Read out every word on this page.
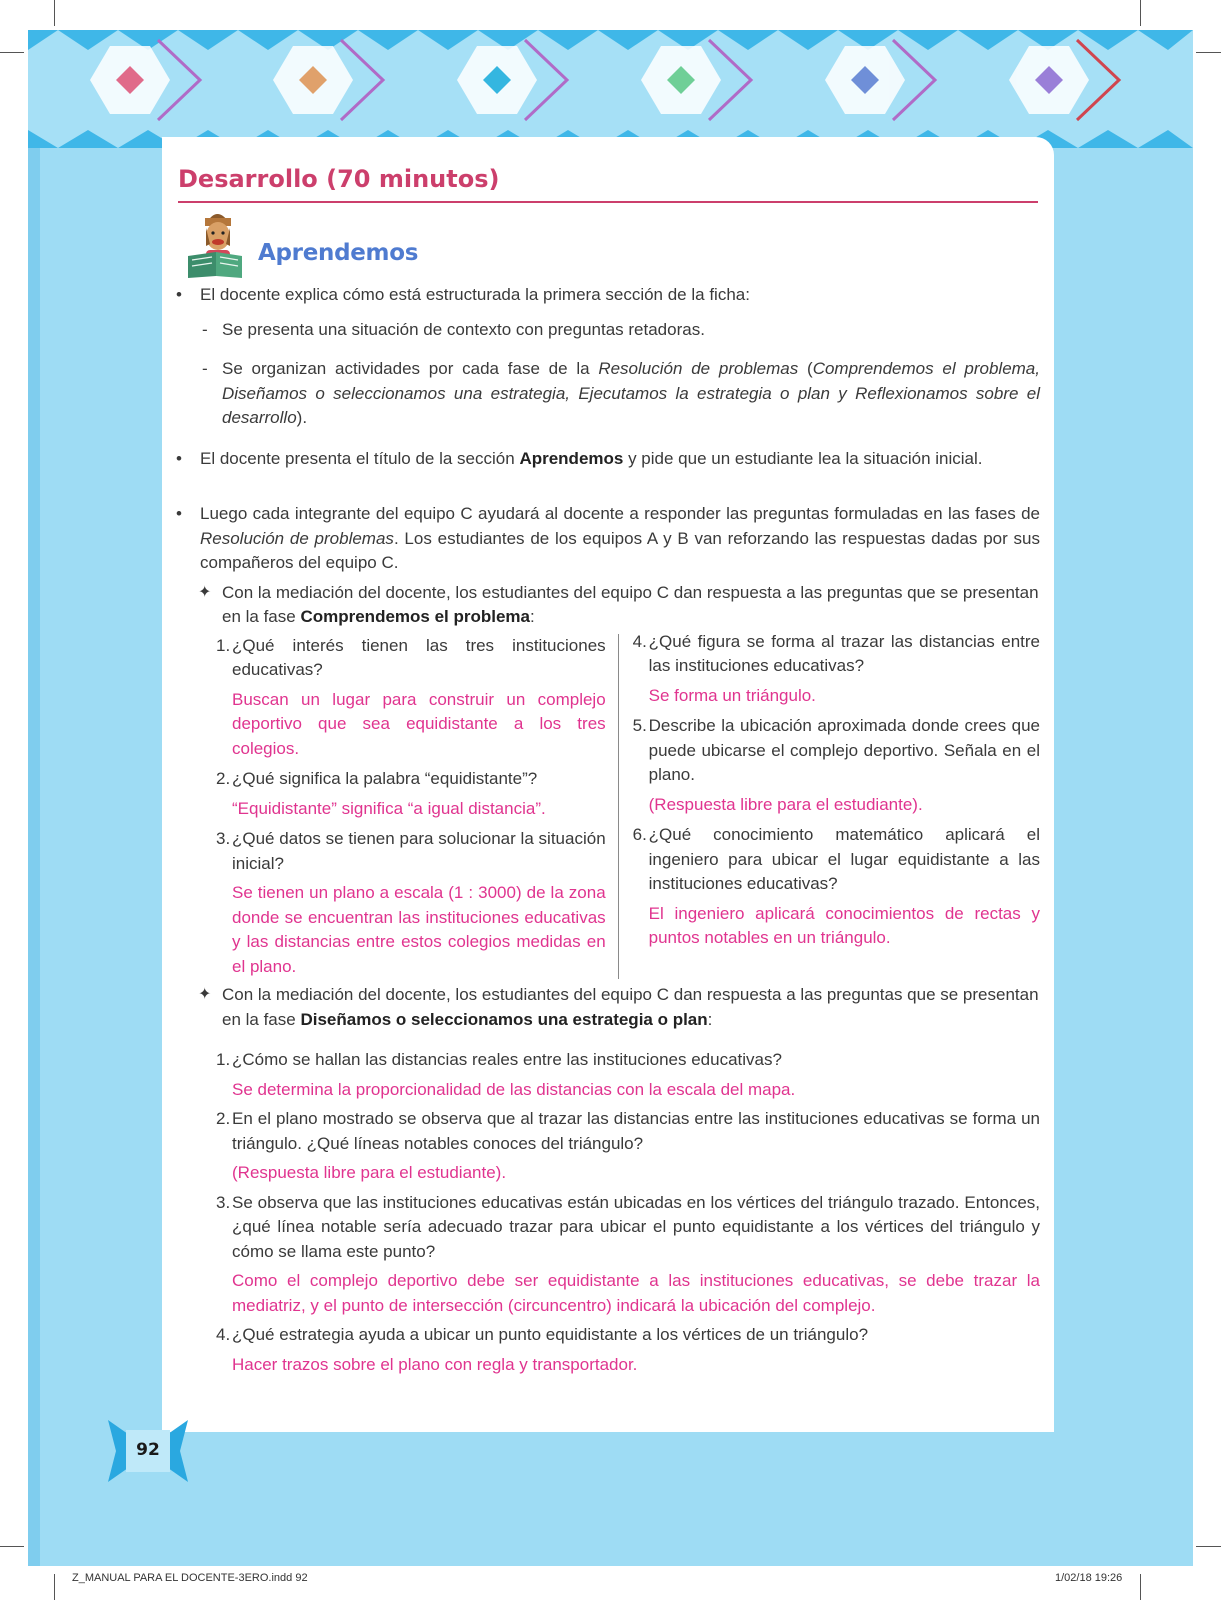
Desarrollo (70 minutos)
Aprendemos
• El docente explica cómo está estructurada la primera sección de la ficha:
- Se presenta una situación de contexto con preguntas retadoras.
- Se organizan actividades por cada fase de la Resolución de problemas (Comprendemos el problema, Diseñamos o seleccionamos una estrategia, Ejecutamos la estrategia o plan y Reflexionamos sobre el desarrollo).
• El docente presenta el título de la sección Aprendemos y pide que un estudiante lea la situación inicial.
• Luego cada integrante del equipo C ayudará al docente a responder las preguntas formuladas en las fases de Resolución de problemas. Los estudiantes de los equipos A y B van reforzando las respuestas dadas por sus compañeros del equipo C.
✦ Con la mediación del docente, los estudiantes del equipo C dan respuesta a las preguntas que se presentan en la fase Comprendemos el problema:
1. ¿Qué interés tienen las tres instituciones educativas?
Buscan un lugar para construir un complejo deportivo que sea equidistante a los tres colegios.
2. ¿Qué significa la palabra “equidistante”?
“Equidistante” significa “a igual distancia”.
3. ¿Qué datos se tienen para solucionar la situación inicial?
Se tienen un plano a escala (1 : 3000) de la zona donde se encuentran las instituciones educativas y las distancias entre estos colegios medidas en el plano.
4. ¿Qué figura se forma al trazar las distancias entre las instituciones educativas?
Se forma un triángulo.
5. Describe la ubicación aproximada donde crees que puede ubicarse el complejo deportivo. Señala en el plano.
(Respuesta libre para el estudiante).
6. ¿Qué conocimiento matemático aplicará el ingeniero para ubicar el lugar equidistante a las instituciones educativas?
El ingeniero aplicará conocimientos de rectas y puntos notables en un triángulo.
✦ Con la mediación del docente, los estudiantes del equipo C dan respuesta a las preguntas que se presentan en la fase Diseñamos o seleccionamos una estrategia o plan:
1. ¿Cómo se hallan las distancias reales entre las instituciones educativas?
Se determina la proporcionalidad de las distancias con la escala del mapa.
2. En el plano mostrado se observa que al trazar las distancias entre las instituciones educativas se forma un triángulo. ¿Qué líneas notables conoces del triángulo?
(Respuesta libre para el estudiante).
3. Se observa que las instituciones educativas están ubicadas en los vértices del triángulo trazado. Entonces, ¿qué línea notable sería adecuado trazar para ubicar el punto equidistante a los vértices del triángulo y cómo se llama este punto?
Como el complejo deportivo debe ser equidistante a las instituciones educativas, se debe trazar la mediatriz, y el punto de intersección (circuncentro) indicará la ubicación del complejo.
4. ¿Qué estrategia ayuda a ubicar un punto equidistante a los vértices de un triángulo?
Hacer trazos sobre el plano con regla y transportador.
92
Z_MANUAL PARA EL DOCENTE-3ERO.indd 92	1/02/18 19:26
